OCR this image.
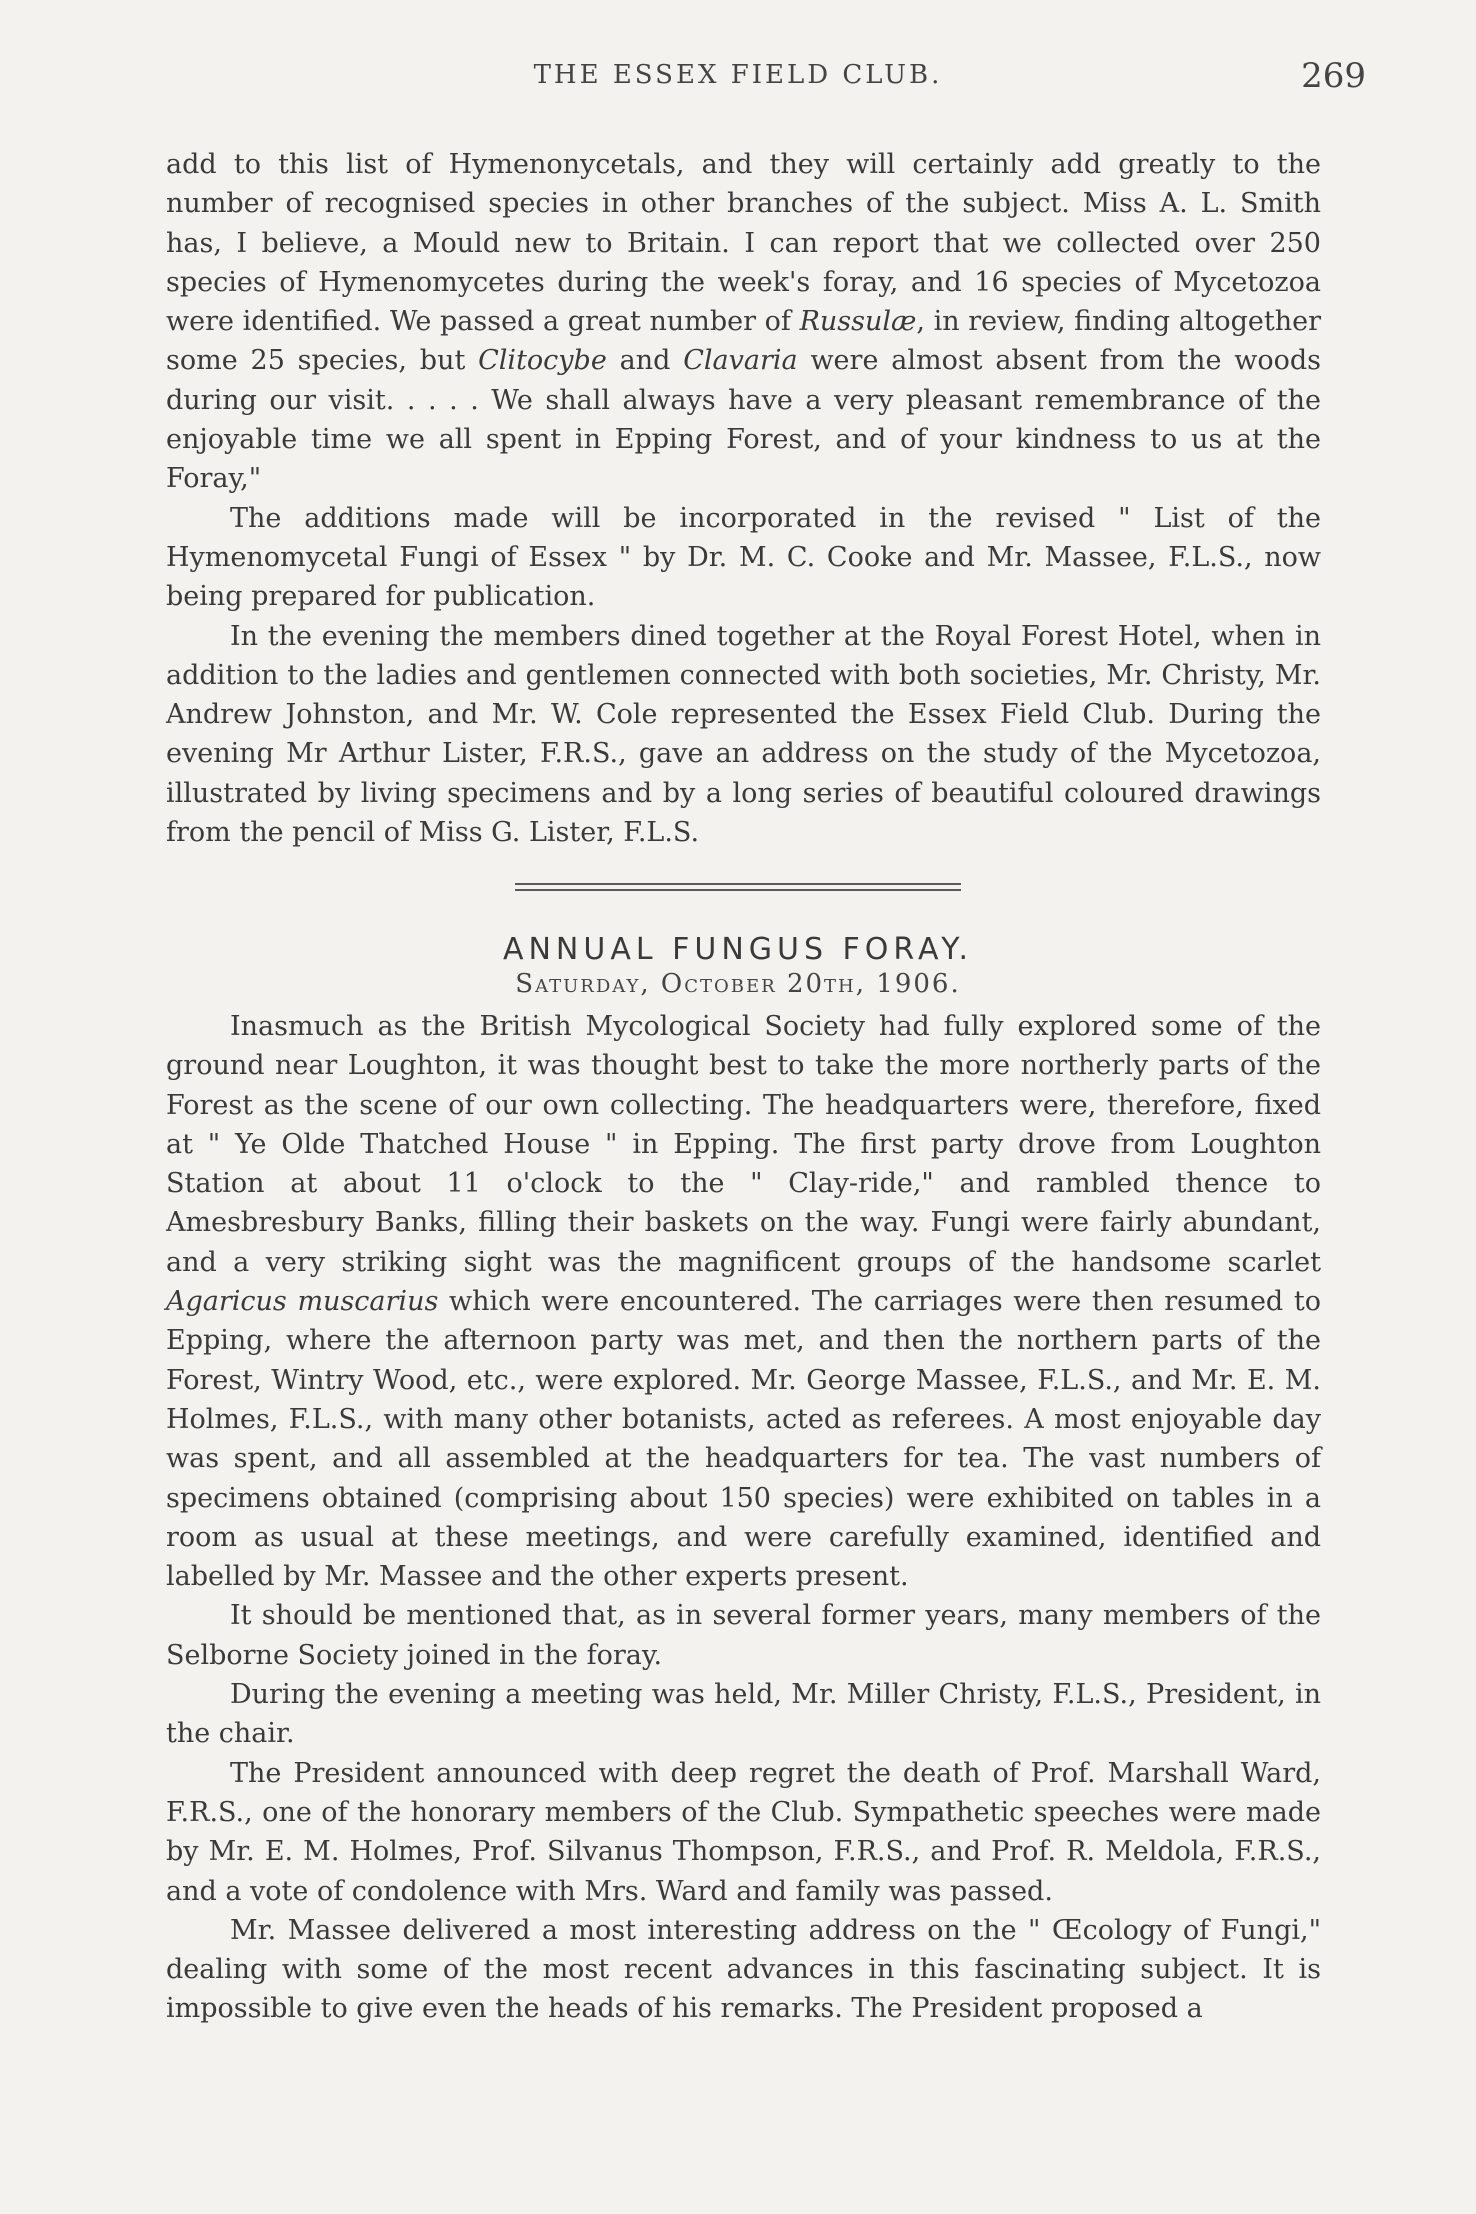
THE ESSEX FIELD CLUB.	269

add to this list of Hymenonycetals, and they will certainly add greatly to the number of recognised species in other branches of the subject. Miss A. L. Smith has, I believe, a Mould new to Britain. I can report that we collected over 250 species of Hymenomycetes during the week's foray, and 16 species of Mycetozoa were identified. We passed a great number of Russulæ, in review, finding altogether some 25 species, but Clitocybe and Clavaria were almost absent from the woods during our visit. . . . . We shall always have a very pleasant remembrance of the enjoyable time we all spent in Epping Forest, and of your kindness to us at the Foray,"

The additions made will be incorporated in the revised " List of the Hymenomycetal Fungi of Essex " by Dr. M. C. Cooke and Mr. Massee, F.L.S., now being prepared for publication.

In the evening the members dined together at the Royal Forest Hotel, when in addition to the ladies and gentlemen connected with both societies, Mr. Christy, Mr. Andrew Johnston, and Mr. W. Cole represented the Essex Field Club. During the evening Mr Arthur Lister, F.R.S., gave an address on the study of the Mycetozoa, illustrated by living specimens and by a long series of beautiful coloured drawings from the pencil of Miss G. Lister, F.L.S.

ANNUAL FUNGUS FORAY.
Saturday, October 20th, 1906.

Inasmuch as the British Mycological Society had fully explored some of the ground near Loughton, it was thought best to take the more northerly parts of the Forest as the scene of our own collecting. The headquarters were, therefore, fixed at " Ye Olde Thatched House " in Epping. The first party drove from Loughton Station at about 11 o'clock to the " Clay-ride," and rambled thence to Amesbresbury Banks, filling their baskets on the way. Fungi were fairly abundant, and a very striking sight was the magnificent groups of the handsome scarlet Agaricus muscarius which were encountered. The carriages were then resumed to Epping, where the afternoon party was met, and then the northern parts of the Forest, Wintry Wood, etc., were explored. Mr. George Massee, F.L.S., and Mr. E. M. Holmes, F.L.S., with many other botanists, acted as referees. A most enjoyable day was spent, and all assembled at the headquarters for tea. The vast numbers of specimens obtained (comprising about 150 species) were exhibited on tables in a room as usual at these meetings, and were carefully examined, identified and labelled by Mr. Massee and the other experts present.

It should be mentioned that, as in several former years, many members of the Selborne Society joined in the foray.

During the evening a meeting was held, Mr. Miller Christy, F.L.S., President, in the chair.

The President announced with deep regret the death of Prof. Marshall Ward, F.R.S., one of the honorary members of the Club. Sympathetic speeches were made by Mr. E. M. Holmes, Prof. Silvanus Thompson, F.R.S., and Prof. R. Meldola, F.R.S., and a vote of condolence with Mrs. Ward and family was passed.

Mr. Massee delivered a most interesting address on the " Œcology of Fungi," dealing with some of the most recent advances in this fascinating subject. It is impossible to give even the heads of his remarks. The President proposed a
